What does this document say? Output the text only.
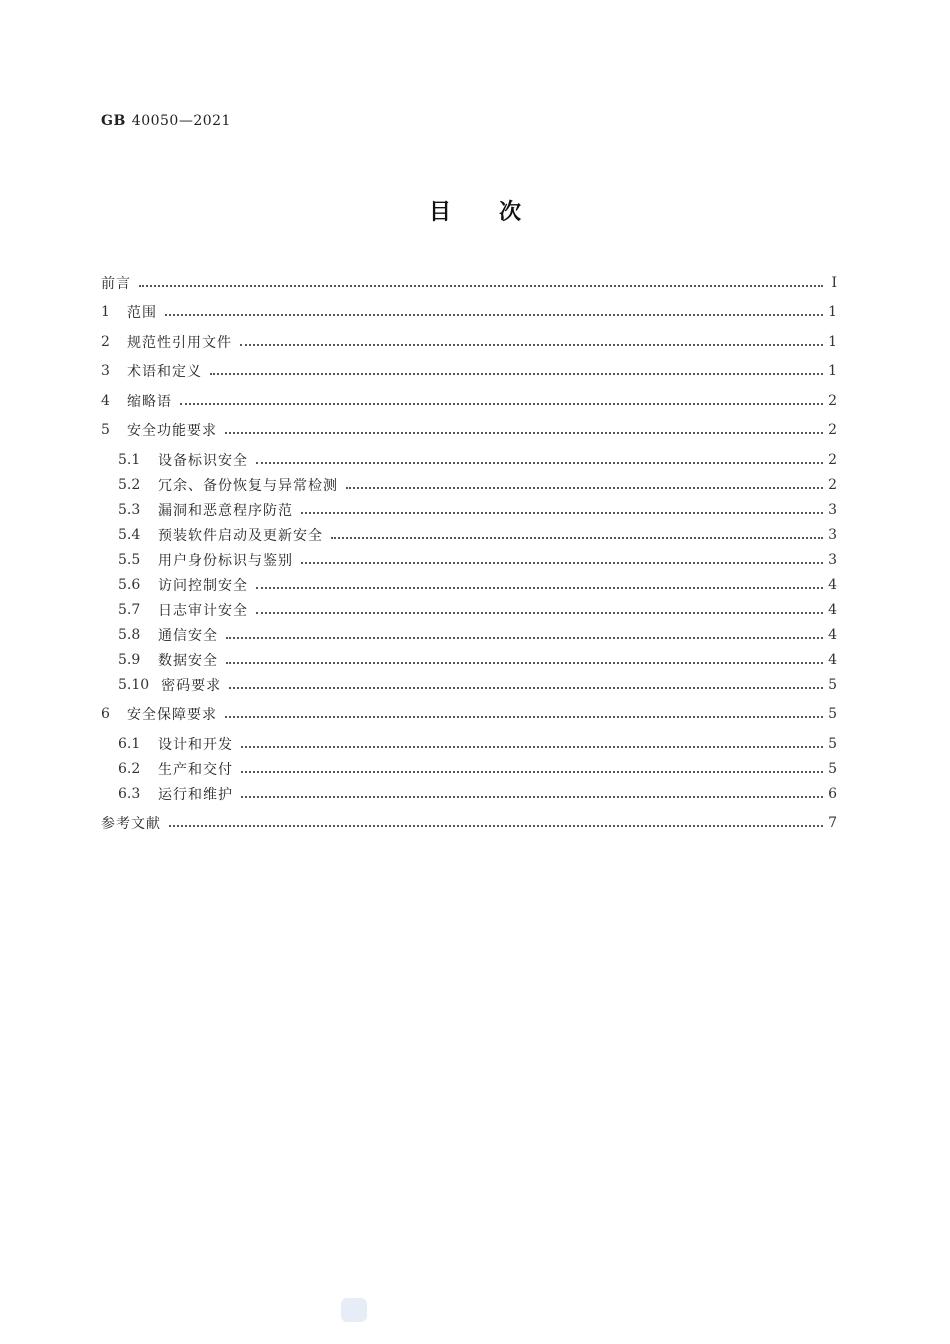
GB 40050—2021
目次
前言	Ⅰ
1	范围	1
2	规范性引用文件	1
3	术语和定义	1
4	缩略语	2
5	安全功能要求	2
5.1	设备标识安全	2
5.2	冗余、备份恢复与异常检测	2
5.3	漏洞和恶意程序防范	3
5.4	预装软件启动及更新安全	3
5.5	用户身份标识与鉴别	3
5.6	访问控制安全	4
5.7	日志审计安全	4
5.8	通信安全	4
5.9	数据安全	4
5.10 密码要求	5
6	安全保障要求	5
6.1	设计和开发	5
6.2	生产和交付	5
6.3	运行和维护	6
参考文献	7
